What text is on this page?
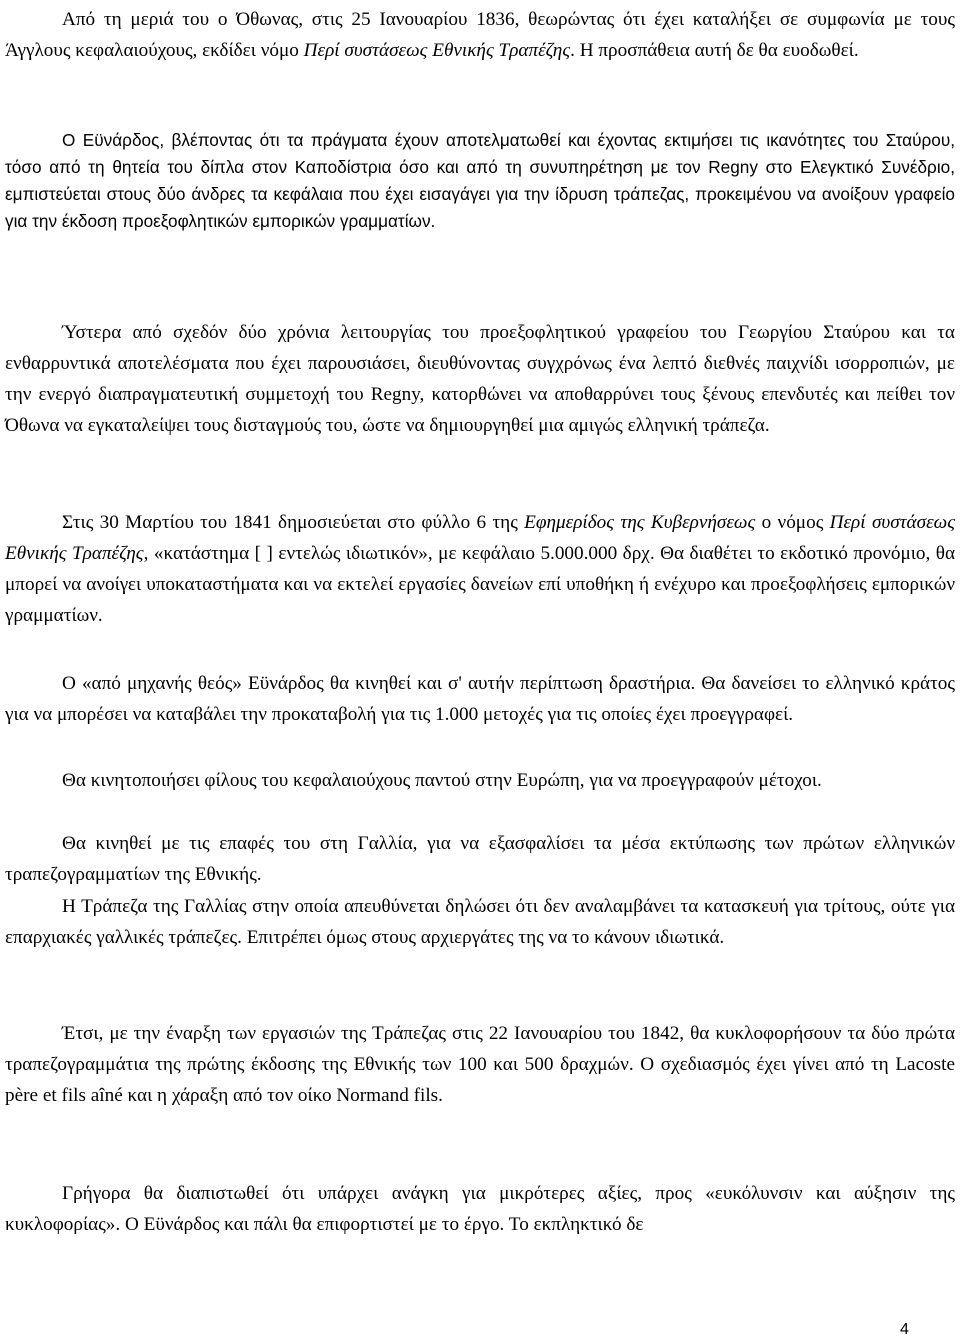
Από τη μεριά του ο Όθωνας, στις 25 Ιανουαρίου 1836, θεωρώντας ότι έχει καταλήξει σε συμφωνία με τους Άγγλους κεφαλαιούχους, εκδίδει νόμο Περί συστάσεως Εθνικής Τραπέζης. Η προσπάθεια αυτή δε θα ευοδωθεί.

Ο Εϋνάρδος, βλέποντας ότι τα πράγματα έχουν αποτελματωθεί και έχοντας εκτιμήσει τις ικανότητες του Σταύρου, τόσο από τη θητεία του δίπλα στον Καποδίστρια όσο και από τη συνυπηρέτηση με τον Regny στο Ελεγκτικό Συνέδριο, εμπιστεύεται στους δύο άνδρες τα κεφάλαια που έχει εισαγάγει για την ίδρυση τράπεζας, προκειμένου να ανοίξουν γραφείο για την έκδοση προεξοφλητικών εμπορικών γραμματίων.

Ύστερα από σχεδόν δύο χρόνια λειτουργίας του προεξοφλητικού γραφείου του Γεωργίου Σταύρου και τα ενθαρρυντικά αποτελέσματα που έχει παρουσιάσει, διευθύνοντας συγχρόνως ένα λεπτό διεθνές παιχνίδι ισορροπιών, με την ενεργό διαπραγματευτική συμμετοχή του Regny, κατορθώνει να αποθαρρύνει τους ξένους επενδυτές και πείθει τον Όθωνα να εγκαταλείψει τους δισταγμούς του, ώστε να δημιουργηθεί μια αμιγώς ελληνική τράπεζα.

Στις 30 Μαρτίου του 1841 δημοσιεύεται στο φύλλο 6 της Εφημερίδος της Κυβερνήσεως ο νόμος Περί συστάσεως Εθνικής Τραπέζης, «κατάστημα [ ] εντελώς ιδιωτικόν», με κεφάλαιο 5.000.000 δρχ. Θα διαθέτει το εκδοτικό προνόμιο, θα μπορεί να ανοίγει υποκαταστήματα και να εκτελεί εργασίες δανείων επί υποθήκη ή ενέχυρο και προεξοφλήσεις εμπορικών γραμματίων.

Ο «από μηχανής θεός» Εϋνάρδος θα κινηθεί και σ' αυτήν περίπτωση δραστήρια. Θα δανείσει το ελληνικό κράτος για να μπορέσει να καταβάλει την προκαταβολή για τις 1.000 μετοχές για τις οποίες έχει προεγγραφεί.

Θα κινητοποιήσει φίλους του κεφαλαιούχους παντού στην Ευρώπη, για να προεγγραφούν μέτοχοι.

Θα κινηθεί με τις επαφές του στη Γαλλία, για να εξασφαλίσει τα μέσα εκτύπωσης των πρώτων ελληνικών τραπεζογραμματίων της Εθνικής.

Η Τράπεζα της Γαλλίας στην οποία απευθύνεται δηλώσει ότι δεν αναλαμβάνει τα κατασκευή για τρίτους, ούτε για επαρχιακές γαλλικές τράπεζες. Επιτρέπει όμως στους αρχιεργάτες της να το κάνουν ιδιωτικά.

Έτσι, με την έναρξη των εργασιών της Τράπεζας στις 22 Ιανουαρίου του 1842, θα κυκλοφορήσουν τα δύο πρώτα τραπεζογραμμάτια της πρώτης έκδοσης της Εθνικής των 100 και 500 δραχμών. Ο σχεδιασμός έχει γίνει από τη Lacoste père et fils aîné και η χάραξη από τον οίκο Normand fils.

Γρήγορα θα διαπιστωθεί ότι υπάρχει ανάγκη για μικρότερες αξίες, προς «ευκόλυνσιν και αύξησιν της κυκλοφορίας». Ο Εϋνάρδος και πάλι θα επιφορτιστεί με το έργο. Το εκπληκτικό δε

4
